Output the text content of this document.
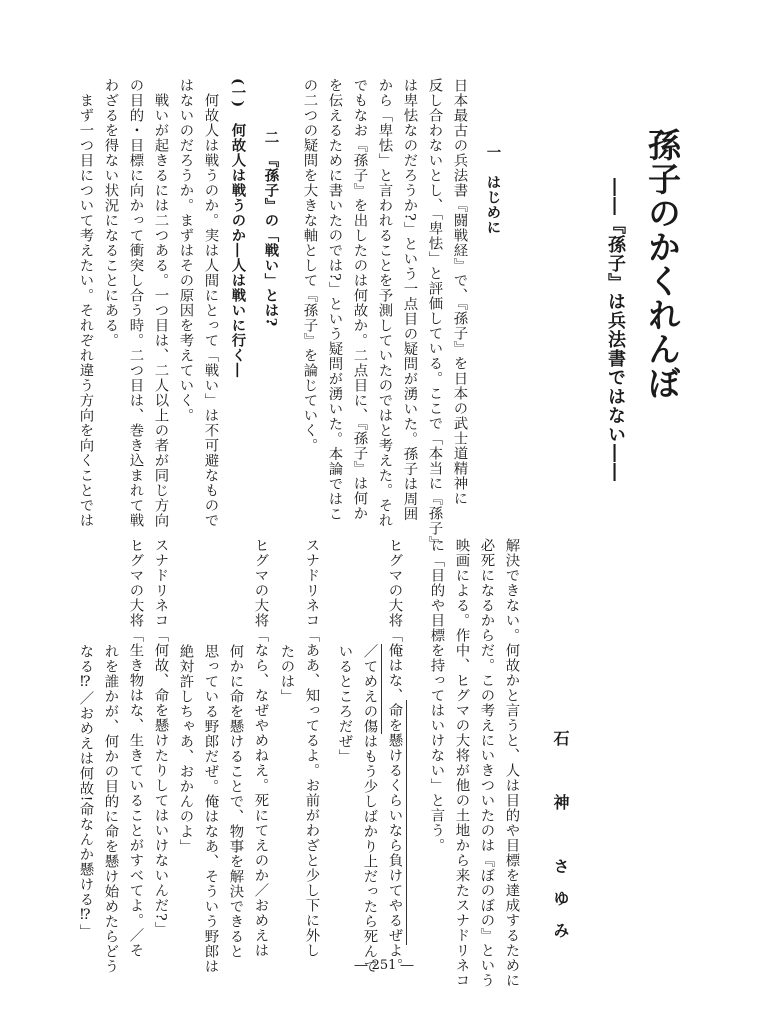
孫子のかくれんぼ
――『孫子』は兵法書ではない――
石　神　さゆみ
一　はじめに
日本最古の兵法書『闘戦経』で、『孫子』を日本の武士道精神に
反し合わないとし、「卑怯」と評価している。ここで「本当に『孫子』
は卑怯なのだろうか?」という一点目の疑問が湧いた。孫子は周囲
から「卑怯」と言われることを予測していたのではと考えた。それ
でもなお『孫子』を出したのは何故か。二点目に、『孫子』は何か
を伝えるために書いたのでは?」という疑問が湧いた。本論ではこ
の二つの疑問を大きな軸として『孫子』を論じていく。
二　『孫子』の「戦い」とは?
(一)　何故人は戦うのか―人は戦いに行く―
何故人は戦うのか。実は人間にとって「戦い」は不可避なもので
はないのだろうか。まずはその原因を考えていく。
戦いが起きるには二つある。一つ目は、二人以上の者が同じ方向
の目的・目標に向かって衝突し合う時。二つ目は、巻き込まれて戦
わざるを得ない状況になることにある。
まず一つ目について考えたい。それぞれ違う方向を向くことでは
解決できない。何故かと言うと、人は目的や目標を達成するために
必死になるからだ。この考えにいきついたのは『ぼのぼの』という
映画による。作中、ヒグマの大将が他の土地から来たスナドリネコ
に「目的や目標を持ってはいけない」と言う。
ヒグマの大将「俺はな、命を懸けるくらいなら負けてやるぜよ。
／てめえの傷はもう少しばかり上だったら死んで
いるところだぜ」
スナドリネコ「ああ、知ってるよ。お前がわざと少し下に外し
たのは」
ヒグマの大将「なら、なぜやめねえ。死にてえのか／おめえは
何かに命を懸けることで、物事を解決できると
思っている野郎だぜ。俺はなあ、そういう野郎は
絶対許しちゃあ、おかんのよ」
スナドリネコ「何故、命を懸けたりしてはいけないんだ?」
ヒグマの大将「生き物はな、生きていることがすべてよ。／そ
れを誰かが、何かの目的に命を懸け始めたらどう
なる⁉／おめえは何故!命なんか懸ける⁉」
― 251 ―
